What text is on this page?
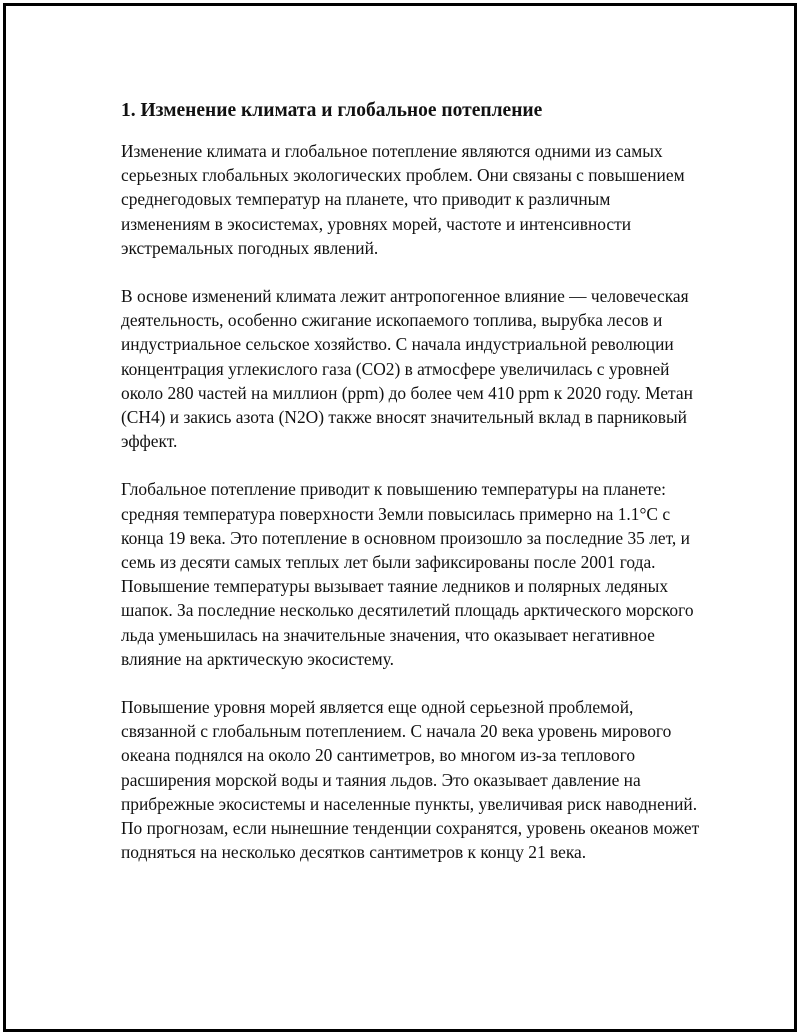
1. Изменение климата и глобальное потепление

Изменение климата и глобальное потепление являются одними из самых серьезных глобальных экологических проблем. Они связаны с повышением среднегодовых температур на планете, что приводит к различным изменениям в экосистемах, уровнях морей, частоте и интенсивности экстремальных погодных явлений.

В основе изменений климата лежит антропогенное влияние — человеческая деятельность, особенно сжигание ископаемого топлива, вырубка лесов и индустриальное сельское хозяйство. С начала индустриальной революции концентрация углекислого газа (CO2) в атмосфере увеличилась с уровней около 280 частей на миллион (ppm) до более чем 410 ppm к 2020 году. Метан (CH4) и закись азота (N2O) также вносят значительный вклад в парниковый эффект.

Глобальное потепление приводит к повышению температуры на планете: средняя температура поверхности Земли повысилась примерно на 1.1°C с конца 19 века. Это потепление в основном произошло за последние 35 лет, и семь из десяти самых теплых лет были зафиксированы после 2001 года. Повышение температуры вызывает таяние ледников и полярных ледяных шапок. За последние несколько десятилетий площадь арктического морского льда уменьшилась на значительные значения, что оказывает негативное влияние на арктическую экосистему.

Повышение уровня морей является еще одной серьезной проблемой, связанной с глобальным потеплением. С начала 20 века уровень мирового океана поднялся на около 20 сантиметров, во многом из-за теплового расширения морской воды и таяния льдов. Это оказывает давление на прибрежные экосистемы и населенные пункты, увеличивая риск наводнений. По прогнозам, если нынешние тенденции сохранятся, уровень океанов может подняться на несколько десятков сантиметров к концу 21 века.
